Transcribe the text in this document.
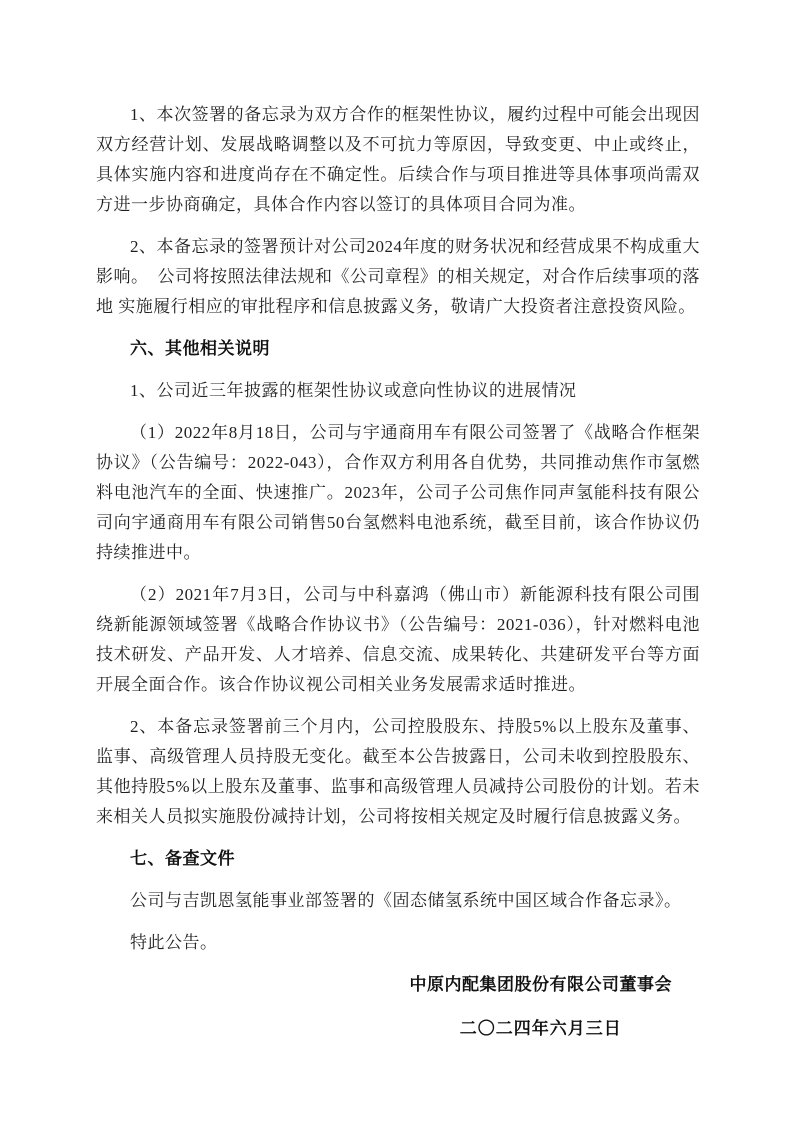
1、本次签署的备忘录为双方合作的框架性协议，履约过程中可能会出现因双方经营计划、发展战略调整以及不可抗力等原因，导致变更、中止或终止，具体实施内容和进度尚存在不确定性。后续合作与项目推进等具体事项尚需双方进一步协商确定，具体合作内容以签订的具体项目合同为准。

2、本备忘录的签署预计对公司2024年度的财务状况和经营成果不构成重大影响。　公司将按照法律法规和《公司章程》的相关规定，对合作后续事项的落地 实施履行相应的审批程序和信息披露义务，敬请广大投资者注意投资风险。

六、其他相关说明

1、公司近三年披露的框架性协议或意向性协议的进展情况

（1）2022年8月18日，公司与宇通商用车有限公司签署了《战略合作框架协议》（公告编号：2022-043），合作双方利用各自优势，共同推动焦作市氢燃料电池汽车的全面、快速推广。2023年，公司子公司焦作同声氢能科技有限公司向宇通商用车有限公司销售50台氢燃料电池系统，截至目前，该合作协议仍持续推进中。

（2）2021年7月3日，公司与中科嘉鸿（佛山市）新能源科技有限公司围绕新能源领域签署《战略合作协议书》（公告编号：2021-036），针对燃料电池技术研发、产品开发、人才培养、信息交流、成果转化、共建研发平台等方面开展全面合作。该合作协议视公司相关业务发展需求适时推进。

2、本备忘录签署前三个月内，公司控股股东、持股5%以上股东及董事、监事、高级管理人员持股无变化。截至本公告披露日，公司未收到控股股东、其他持股5%以上股东及董事、监事和高级管理人员减持公司股份的计划。若未来相关人员拟实施股份减持计划，公司将按相关规定及时履行信息披露义务。

七、备查文件

公司与吉凯恩氢能事业部签署的《固态储氢系统中国区域合作备忘录》。

特此公告。

中原内配集团股份有限公司董事会
二〇二四年六月三日
